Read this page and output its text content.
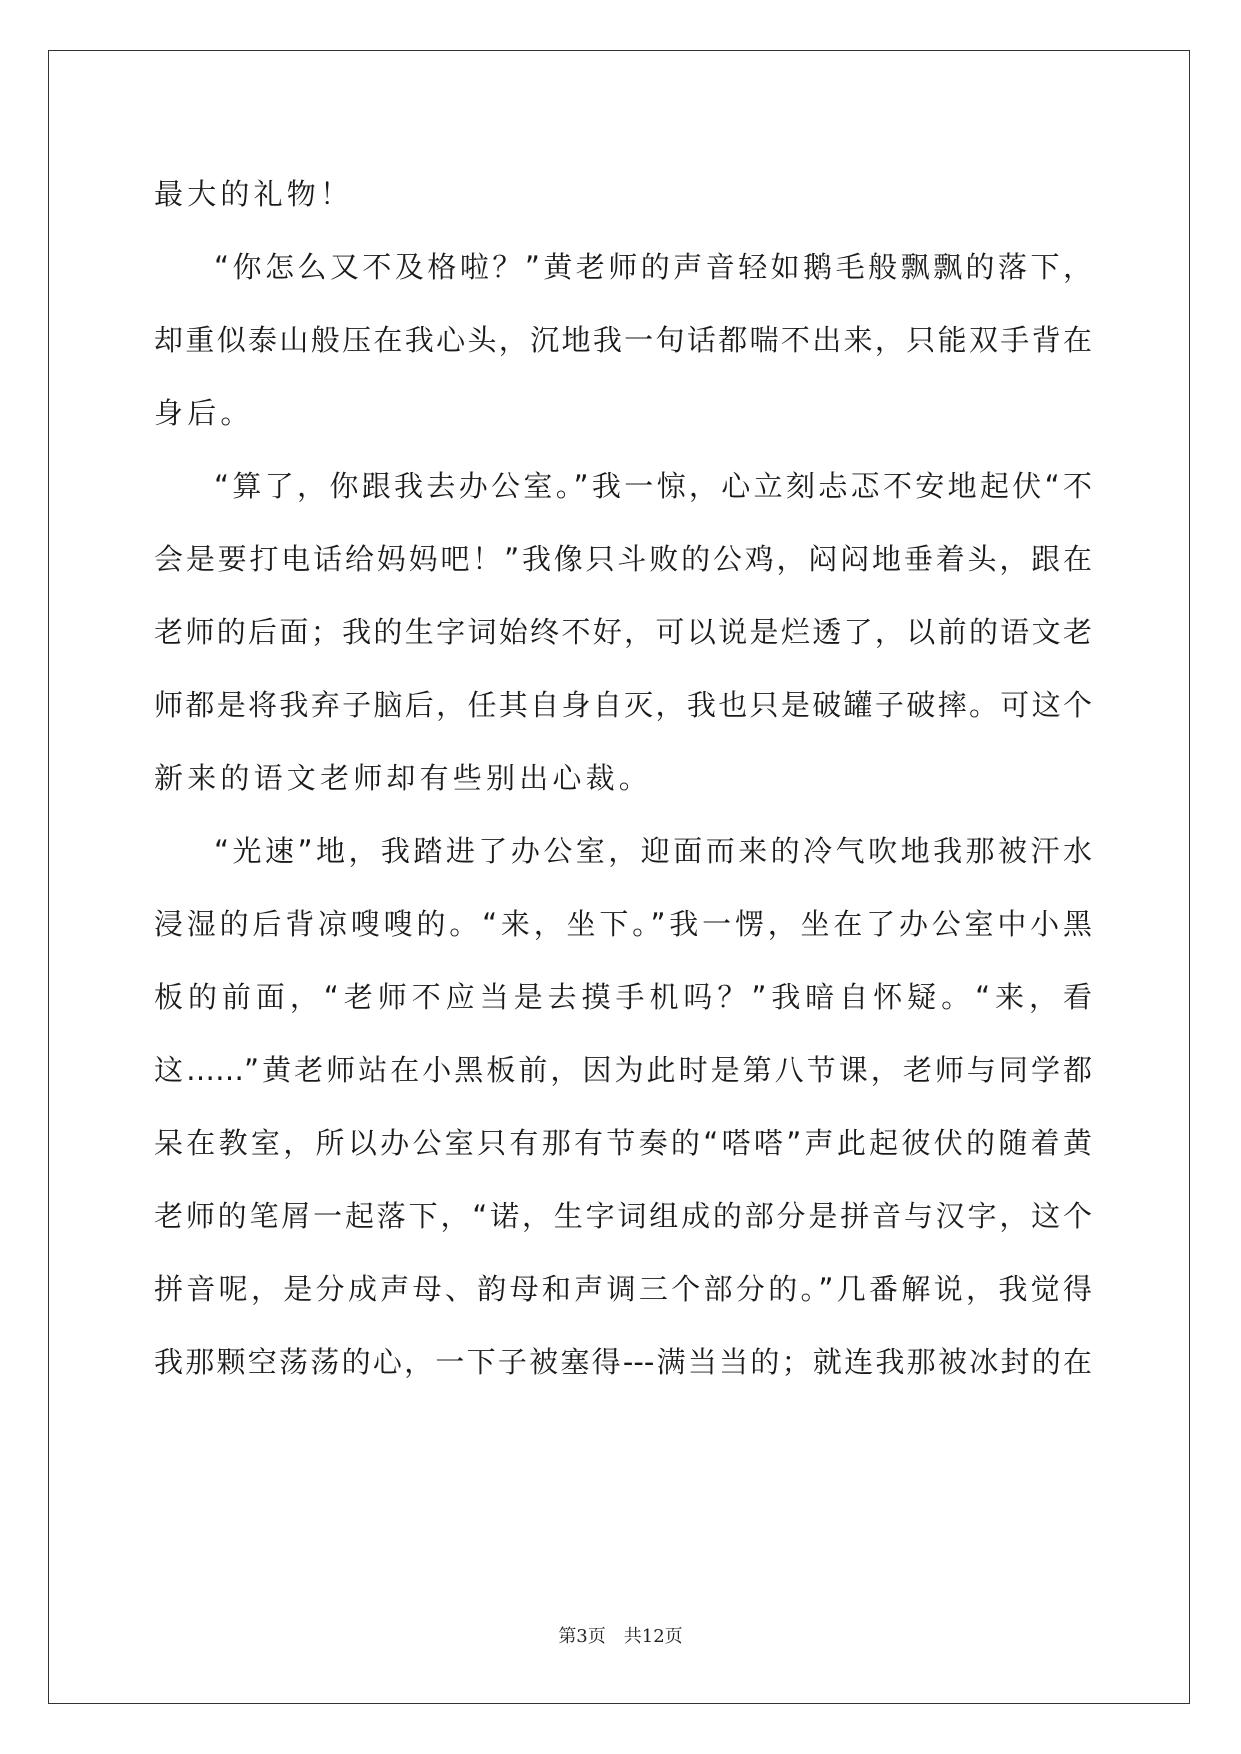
最大的礼物！
“你怎么又不及格啦？”黄老师的声音轻如鹅毛般飘飘的落下，
却重似泰山般压在我心头，沉地我一句话都喘不出来，只能双手背在
身后。
“算了，你跟我去办公室。”我一惊，心立刻忐忑不安地起伏“不
会是要打电话给妈妈吧！”我像只斗败的公鸡，闷闷地垂着头，跟在
老师的后面；我的生字词始终不好，可以说是烂透了，以前的语文老
师都是将我弃子脑后，任其自身自灭，我也只是破罐子破摔。可这个
新来的语文老师却有些别出心裁。
“光速”地，我踏进了办公室，迎面而来的冷气吹地我那被汗水
浸湿的后背凉嗖嗖的。“来，坐下。”我一愣，坐在了办公室中小黑
板的前面，“老师不应当是去摸手机吗？”我暗自怀疑。“来，看
这……”黄老师站在小黑板前，因为此时是第八节课，老师与同学都
呆在教室，所以办公室只有那有节奏的“嗒嗒”声此起彼伏的随着黄
老师的笔屑一起落下，“诺，生字词组成的部分是拼音与汉字，这个
拼音呢，是分成声母、韵母和声调三个部分的。”几番解说，我觉得
我那颗空荡荡的心，一下子被塞得---满当当的；就连我那被冰封的在
第3页 共12页
